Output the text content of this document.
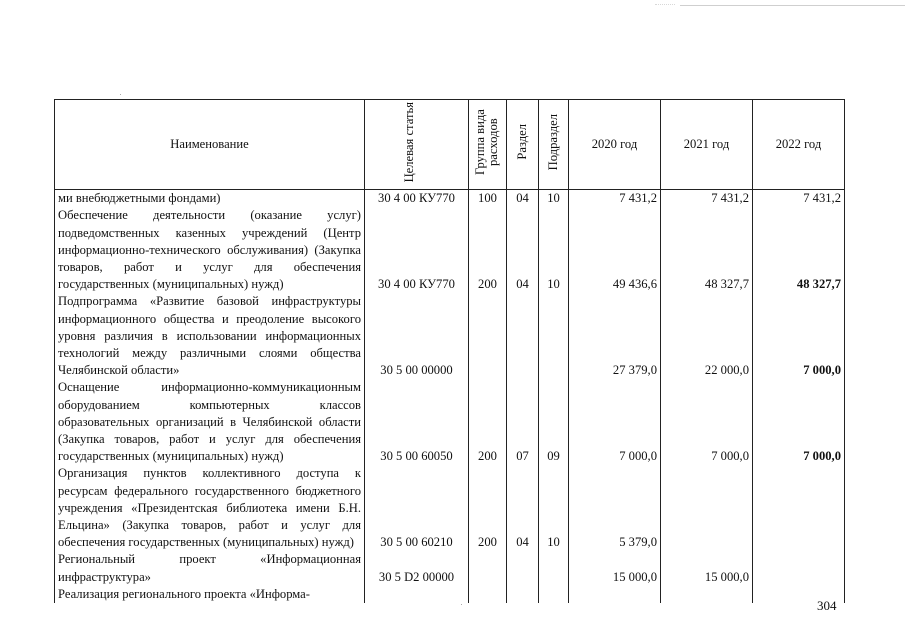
Наименование	Целевая статья	Группа вида расходов	Раздел	Подраздел	2020 год	2021 год	2022 год
ми внебюджетными фондами)	30 4 00 КУ770	100	04	10	7 431,2	7 431,2	7 431,2
Обеспечение деятельности (оказание услуг) подведомственных казенных учреждений (Центр информационно-технического обслуживания) (Закупка товаров, работ и услуг для обеспечения государственных (муниципальных) нужд)	30 4 00 КУ770	200	04	10	49 436,6	48 327,7	48 327,7
Подпрограмма «Развитие базовой инфраструктуры информационного общества и преодоление высокого уровня различия в использовании информационных технологий между различными слоями общества Челябинской области»	30 5 00 00000				27 379,0	22 000,0	7 000,0
Оснащение информационно-коммуникационным оборудованием компьютерных классов образовательных организаций в Челябинской области (Закупка товаров, работ и услуг для обеспечения государственных (муниципальных) нужд)	30 5 00 60050	200	07	09	7 000,0	7 000,0	7 000,0
Организация пунктов коллективного доступа к ресурсам федерального государственного бюджетного учреждения «Президентская библиотека имени Б.Н. Ельцина» (Закупка товаров, работ и услуг для обеспечения государственных (муниципальных) нужд)	30 5 00 60210	200	04	10	5 379,0		
Региональный проект «Информационная инфраструктура»	30 5 D2 00000				15 000,0	15 000,0	
Реализация регионального проекта «Информа-							
304
